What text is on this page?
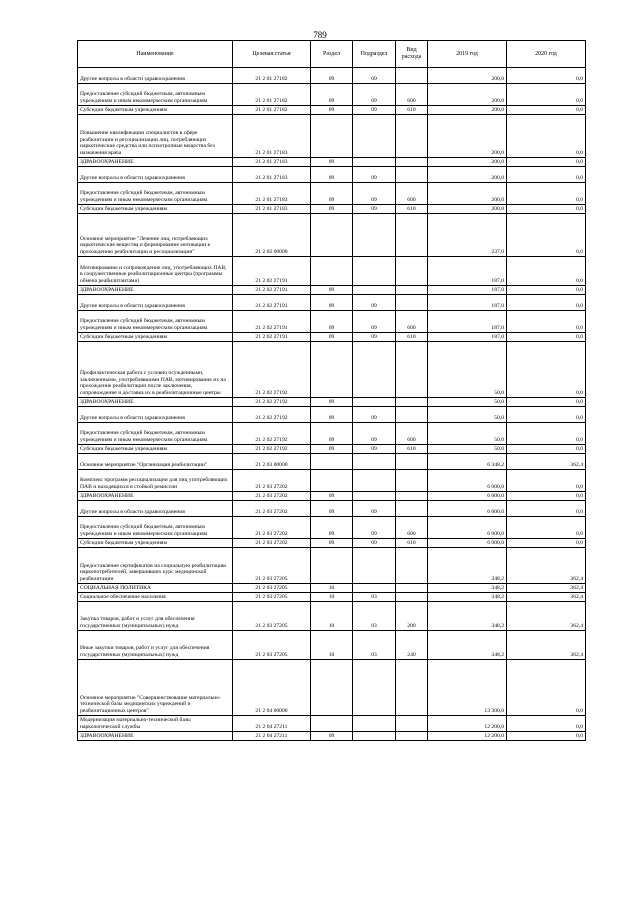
789
Наименование	Целевая статья	Раздел	Подраздел	Вид расхода	2019 год	2020 год
Другие вопросы в области здравоохранения	21 2 01 27182	09	09		200,0	0,0
Предоставление субсидий бюджетным, автономным учреждениям и иным некоммерческим организациям	21 2 01 27182	09	09	600	200,0	0,0
Субсидии бюджетным учреждениям	21 2 01 27182	09	09	610	200,0	0,0
Повышение квалификации специалистов в сфере реабилитации и ресоциализации лиц, потребляющих наркотические средства или психотропные вещества без назначения врача	21 2 01 27183				200,0	0,0
ЗДРАВООХРАНЕНИЕ	21 2 01 27183	09			200,0	0,0
Другие вопросы в области здравоохранения	21 2 01 27183	09	09		200,0	0,0
Предоставление субсидий бюджетным, автономным учреждениям и иным некоммерческим организациям	21 2 01 27183	09	09	600	200,0	0,0
Субсидии бюджетным учреждениям	21 2 01 27183	09	09	610	200,0	0,0
Основное мероприятие "Лечение лиц, потребляющих наркотические вещества и формирование мотивации к прохождению реабилитации и ресоциализации"	21 2 02 00000				237,0	0,0
Мотивирование и сопровождение лиц, употребляющих ПАВ, в сооружественные реабилитационные центры (программы обмена реабилитантами)	21 2 02 27191				187,0	0,0
ЗДРАВООХРАНЕНИЕ	21 2 02 27191	09			187,0	0,0
Другие вопросы в области здравоохранения	21 2 02 27191	09	09		187,0	0,0
Предоставление субсидий бюджетным, автономным учреждениям и иным некоммерческим организациям	21 2 02 27191	09	09	600	187,0	0,0
Субсидии бюджетным учреждениям	21 2 02 27191	09	09	610	187,0	0,0
Профилактическая работа с условно осужденными, заключенными, употреблявшими ПАВ, мотивирование их на прохождение реабилитации после заключения, сопровождение и доставка их в реабилитационные центры	21 2 02 27192				50,0	0,0
ЗДРАВООХРАНЕНИЕ	21 2 02 27192	09			50,0	0,0
Другие вопросы в области здравоохранения	21 2 02 27192	09	09		50,0	0,0
Предоставление субсидий бюджетным, автономным учреждениям и иным некоммерческим организациям	21 2 02 27192	09	09	600	50,0	0,0
Субсидии бюджетным учреждениям	21 2 02 27192	09	09	610	50,0	0,0
Основное мероприятие "Организация реабилитации"	21 2 03 00000				6 348,2	362,4
Комплекс программ ресоциализации для лиц употребляющих ПАВ и находящихся в стойкой ремиссии	21 2 03 27202				6 000,0	0,0
ЗДРАВООХРАНЕНИЕ	21 2 03 27202	09			6 000,0	0,0
Другие вопросы в области здравоохранения	21 2 03 27202	09	09		6 000,0	0,0
Предоставление субсидий бюджетным, автономным учреждениям и иным некоммерческим организациям	21 2 03 27202	09	09	600	6 000,0	0,0
Субсидии бюджетным учреждениям	21 2 03 27202	09	09	610	6 000,0	0,0
Предоставление сертификатов на социальную реабилитацию наркопотребителей, завершивших курс медицинской реабилитации	21 2 03 27205				348,2	362,4
СОЦИАЛЬНАЯ ПОЛИТИКА	21 2 03 27205	10			348,2	362,4
Социальное обеспечение населения	21 2 03 27205	10	03		348,2	362,4
Закупка товаров, работ и услуг для обеспечения государственных (муниципальных) нужд	21 2 03 27205	10	03	200	348,2	362,4
Иные закупки товаров, работ и услуг для обеспечения государственных (муниципальных) нужд	21 2 03 27205	10	03	240	348,2	362,4
Основное мероприятие "Совершенствование материально-технической базы медицинских учреждений и реабилитационных центров"	21 2 04 00000				13 300,0	0,0
Модернизация материально-технической базы наркологической службы	21 2 04 27211				12 200,0	0,0
ЗДРАВООХРАНЕНИЕ	21 2 04 27211	09			12 200,0	0,0
